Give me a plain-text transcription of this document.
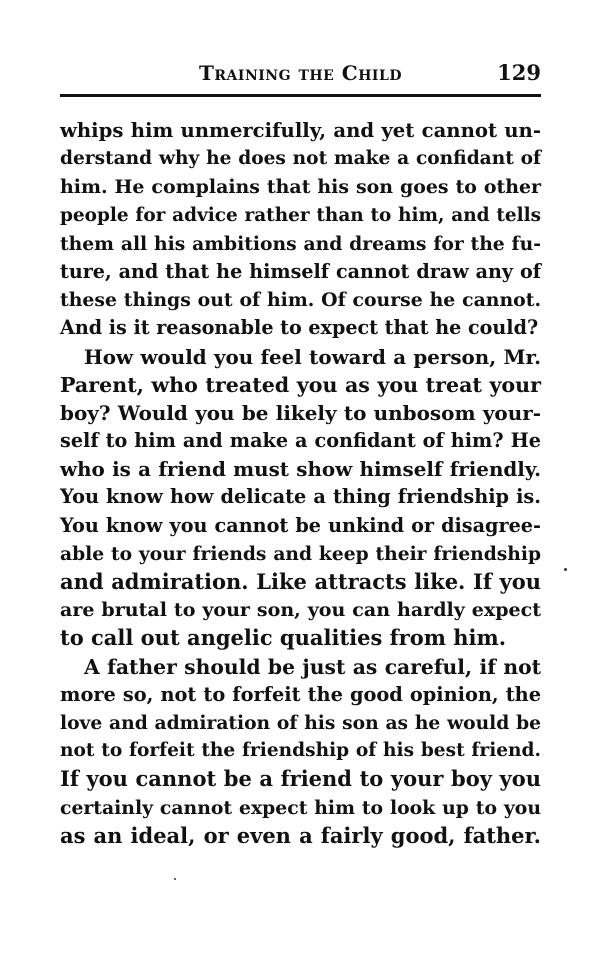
Training the Child	129
whips him unmercifully, and yet cannot un-
derstand why he does not make a confidant of
him. He complains that his son goes to other
people for advice rather than to him, and tells
them all his ambitions and dreams for the fu-
ture, and that he himself cannot draw any of
these things out of him. Of course he cannot.
And is it reasonable to expect that he could?
How would you feel toward a person, Mr.
Parent, who treated you as you treat your
boy? Would you be likely to unbosom your-
self to him and make a confidant of him? He
who is a friend must show himself friendly.
You know how delicate a thing friendship is.
You know you cannot be unkind or disagree-
able to your friends and keep their friendship
and admiration. Like attracts like. If you
are brutal to your son, you can hardly expect
to call out angelic qualities from him.
A father should be just as careful, if not
more so, not to forfeit the good opinion, the
love and admiration of his son as he would be
not to forfeit the friendship of his best friend.
If you cannot be a friend to your boy you
certainly cannot expect him to look up to you
as an ideal, or even a fairly good, father.
